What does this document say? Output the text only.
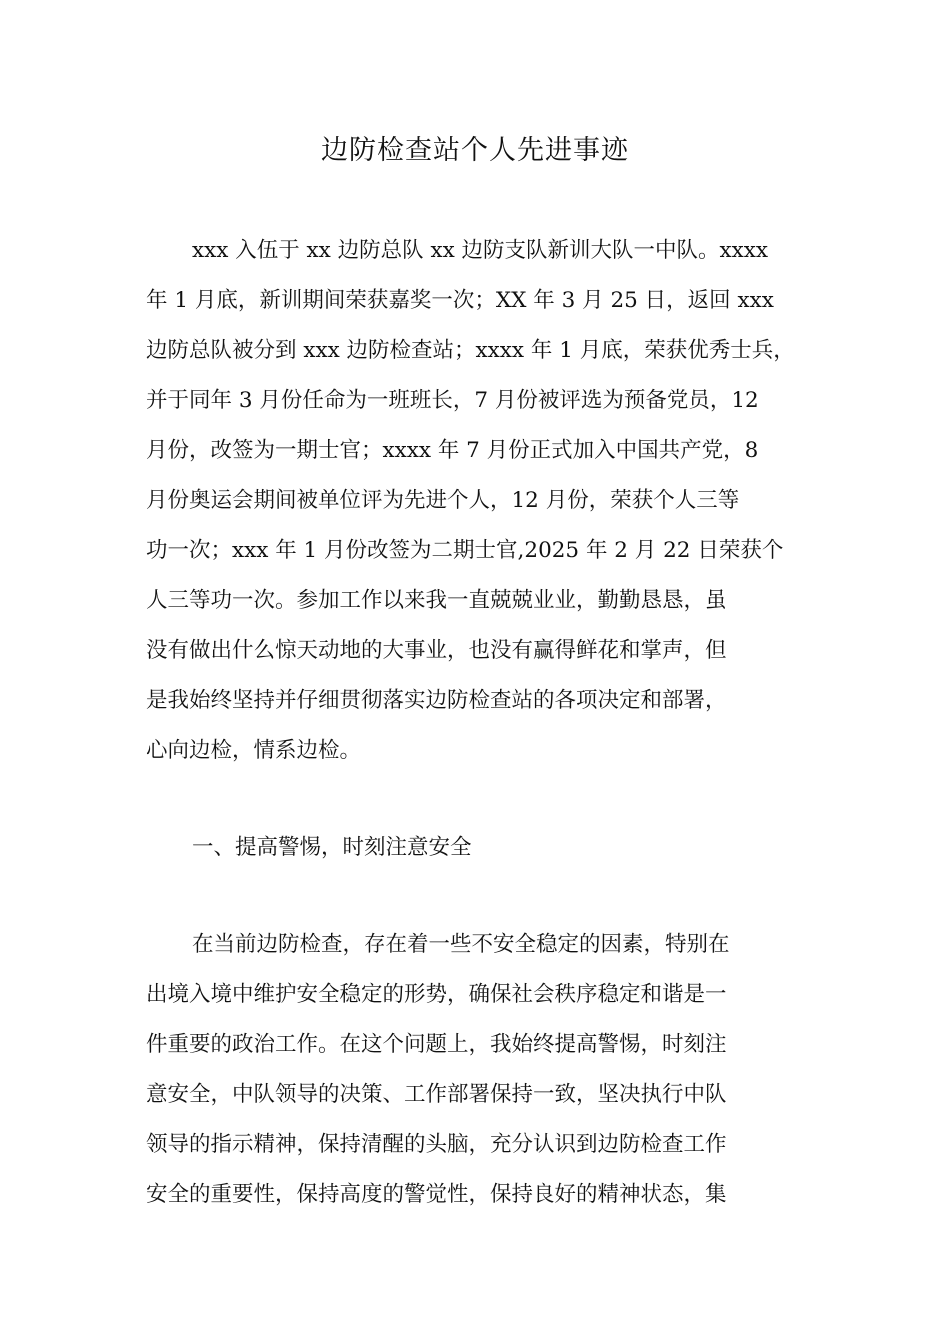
边防检查站个人先进事迹
xxx 入伍于 xx 边防总队 xx 边防支队新训大队一中队。xxxx
年 1 月底，新训期间荣获嘉奖一次；XX 年 3 月 25 日，返回 xxx
边防总队被分到 xxx 边防检查站；xxxx 年 1 月底，荣获优秀士兵，
并于同年 3 月份任命为一班班长，7 月份被评选为预备党员，12
月份，改签为一期士官；xxxx 年 7 月份正式加入中国共产党，8
月份奥运会期间被单位评为先进个人，12 月份，荣获个人三等
功一次；xxx 年 1 月份改签为二期士官,2025 年 2 月 22 日荣获个
人三等功一次。参加工作以来我一直兢兢业业，勤勤恳恳，虽
没有做出什么惊天动地的大事业，也没有赢得鲜花和掌声，但
是我始终坚持并仔细贯彻落实边防检查站的各项决定和部署，
心向边检，情系边检。
一、提高警惕，时刻注意安全
在当前边防检查，存在着一些不安全稳定的因素，特别在
出境入境中维护安全稳定的形势，确保社会秩序稳定和谐是一
件重要的政治工作。在这个问题上，我始终提高警惕，时刻注
意安全，中队领导的决策、工作部署保持一致，坚决执行中队
领导的指示精神，保持清醒的头脑，充分认识到边防检查工作
安全的重要性，保持高度的警觉性，保持良好的精神状态，集
